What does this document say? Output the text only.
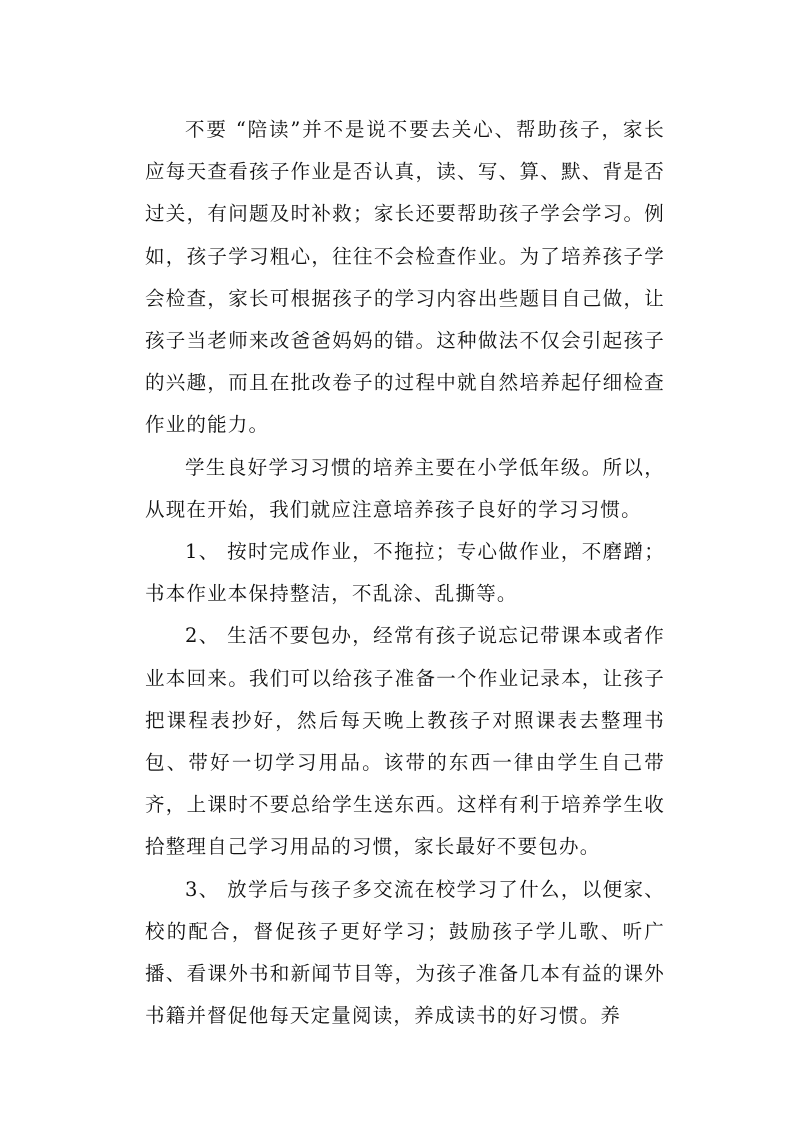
不要 “陪读”并不是说不要去关心、帮助孩子，家长应每天查看孩子作业是否认真，读、写、算、默、背是否过关，有问题及时补救；家长还要帮助孩子学会学习。例如，孩子学习粗心，往往不会检查作业。为了培养孩子学会检查，家长可根据孩子的学习内容出些题目自己做，让孩子当老师来改爸爸妈妈的错。这种做法不仅会引起孩子的兴趣，而且在批改卷子的过程中就自然培养起仔细检查作业的能力。

学生良好学习习惯的培养主要在小学低年级。所以，从现在开始，我们就应注意培养孩子良好的学习习惯。

1、 按时完成作业，不拖拉；专心做作业，不磨蹭；书本作业本保持整洁，不乱涂、乱撕等。

2、 生活不要包办，经常有孩子说忘记带课本或者作业本回来。我们可以给孩子准备一个作业记录本，让孩子把课程表抄好，然后每天晚上教孩子对照课表去整理书包、带好一切学习用品。该带的东西一律由学生自己带齐，上课时不要总给学生送东西。这样有利于培养学生收拾整理自己学习用品的习惯，家长最好不要包办。

3、 放学后与孩子多交流在校学习了什么，以便家、校的配合，督促孩子更好学习；鼓励孩子学儿歌、听广播、看课外书和新闻节目等，为孩子准备几本有益的课外书籍并督促他每天定量阅读，养成读书的好习惯。养
